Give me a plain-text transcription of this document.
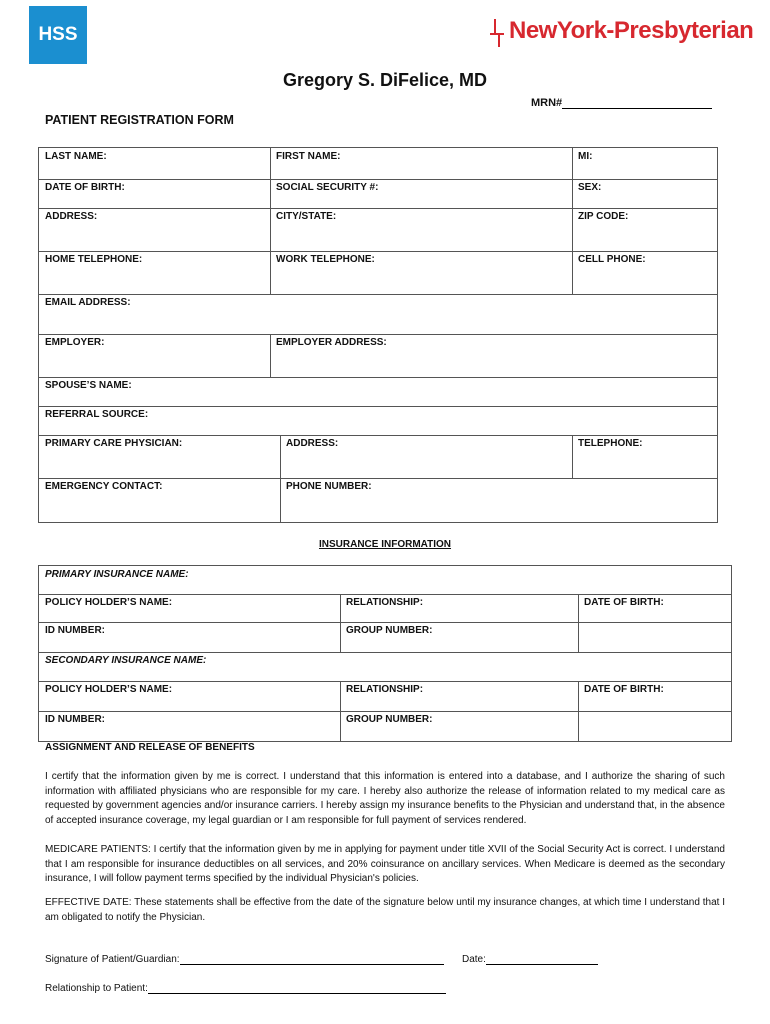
HSS	NewYork-Presbyterian
Gregory S. DiFelice, MD
MRN#
PATIENT REGISTRATION FORM
LAST NAME:	FIRST NAME:	MI:
DATE OF BIRTH:	SOCIAL SECURITY #:	SEX:
ADDRESS:	CITY/STATE:	ZIP CODE:
HOME TELEPHONE:	WORK TELEPHONE:	CELL PHONE:
EMAIL ADDRESS:
EMPLOYER:	EMPLOYER ADDRESS:
SPOUSE’S NAME:
REFERRAL SOURCE:
PRIMARY CARE PHYSICIAN:	ADDRESS:	TELEPHONE:
EMERGENCY CONTACT:	PHONE NUMBER:
INSURANCE INFORMATION
PRIMARY INSURANCE NAME:
POLICY HOLDER’S NAME:	RELATIONSHIP:	DATE OF BIRTH:
ID NUMBER:	GROUP NUMBER:
SECONDARY INSURANCE NAME:
POLICY HOLDER’S NAME:	RELATIONSHIP:	DATE OF BIRTH:
ID NUMBER:	GROUP NUMBER:
ASSIGNMENT AND RELEASE OF BENEFITS
I certify that the information given by me is correct. I understand that this information is entered into a database, and I authorize the sharing of such information with affiliated physicians who are responsible for my care. I hereby also authorize the release of information related to my medical care as requested by government agencies and/or insurance carriers. I hereby assign my insurance benefits to the Physician and understand that, in the absence of accepted insurance coverage, my legal guardian or I am responsible for full payment of services rendered.
MEDICARE PATIENTS: I certify that the information given by me in applying for payment under title XVII of the Social Security Act is correct. I understand that I am responsible for insurance deductibles on all services, and 20% coinsurance on ancillary services. When Medicare is deemed as the secondary insurance, I will follow payment terms specified by the individual Physician's policies.
EFFECTIVE DATE: These statements shall be effective from the date of the signature below until my insurance changes, at which time I understand that I am obligated to notify the Physician.
Signature of Patient/Guardian:	Date:
Relationship to Patient:
